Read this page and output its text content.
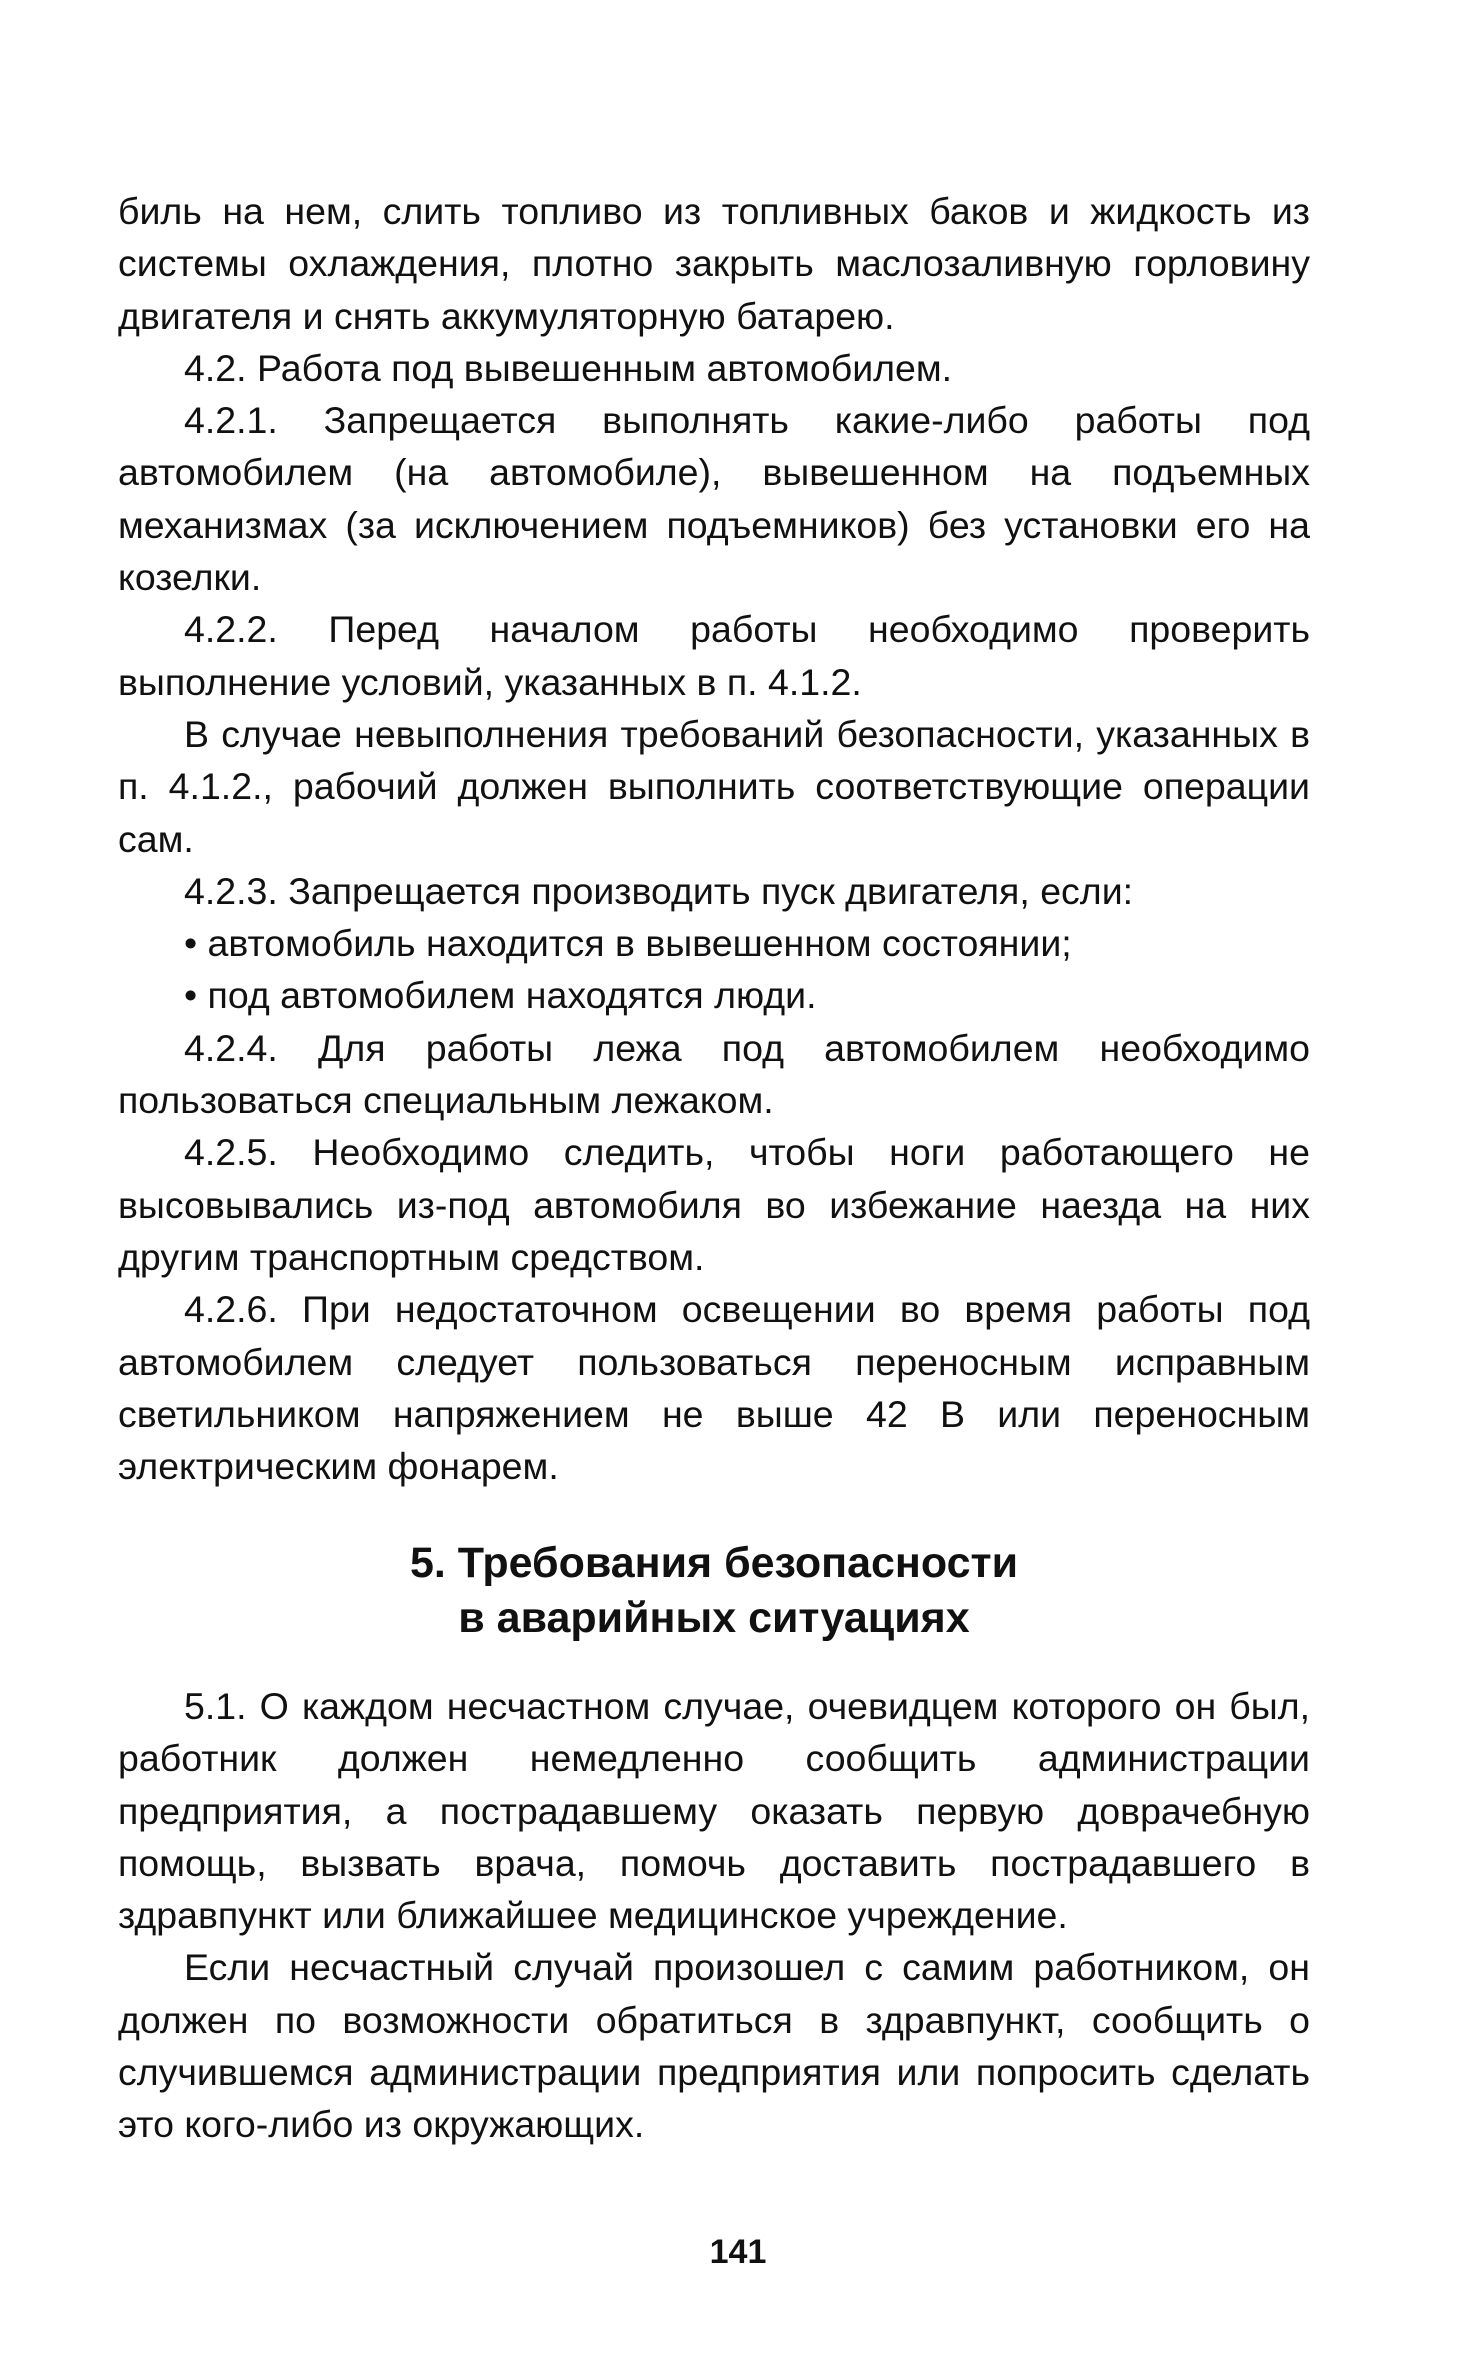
биль на нем, слить топливо из топливных баков и жидкость из системы охлаждения, плотно закрыть маслозаливную горловину двигателя и снять аккумуляторную батарею.

4.2. Работа под вывешенным автомобилем.

4.2.1. Запрещается выполнять какие-либо работы под автомобилем (на автомобиле), вывешенном на подъемных механизмах (за исключением подъемников) без установки его на козелки.

4.2.2. Перед началом работы необходимо проверить выполнение условий, указанных в п. 4.1.2.

В случае невыполнения требований безопасности, указанных в п. 4.1.2., рабочий должен выполнить соответствующие операции сам.

4.2.3. Запрещается производить пуск двигателя, если:

• автомобиль находится в вывешенном состоянии;

• под автомобилем находятся люди.

4.2.4. Для работы лежа под автомобилем необходимо пользоваться специальным лежаком.

4.2.5. Необходимо следить, чтобы ноги работающего не высовывались из-под автомобиля во избежание наезда на них другим транспортным средством.

4.2.6. При недостаточном освещении во время работы под автомобилем следует пользоваться переносным исправным светильником напряжением не выше 42 В или переносным электрическим фонарем.

5. Требования безопасности
в аварийных ситуациях

5.1. О каждом несчастном случае, очевидцем которого он был, работник должен немедленно сообщить администрации предприятия, а пострадавшему оказать первую доврачебную помощь, вызвать врача, помочь доставить пострадавшего в здравпункт или ближайшее медицинское учреждение.

Если несчастный случай произошел с самим работником, он должен по возможности обратиться в здравпункт, сообщить о случившемся администрации предприятия или попросить сделать это кого-либо из окружающих.

141
